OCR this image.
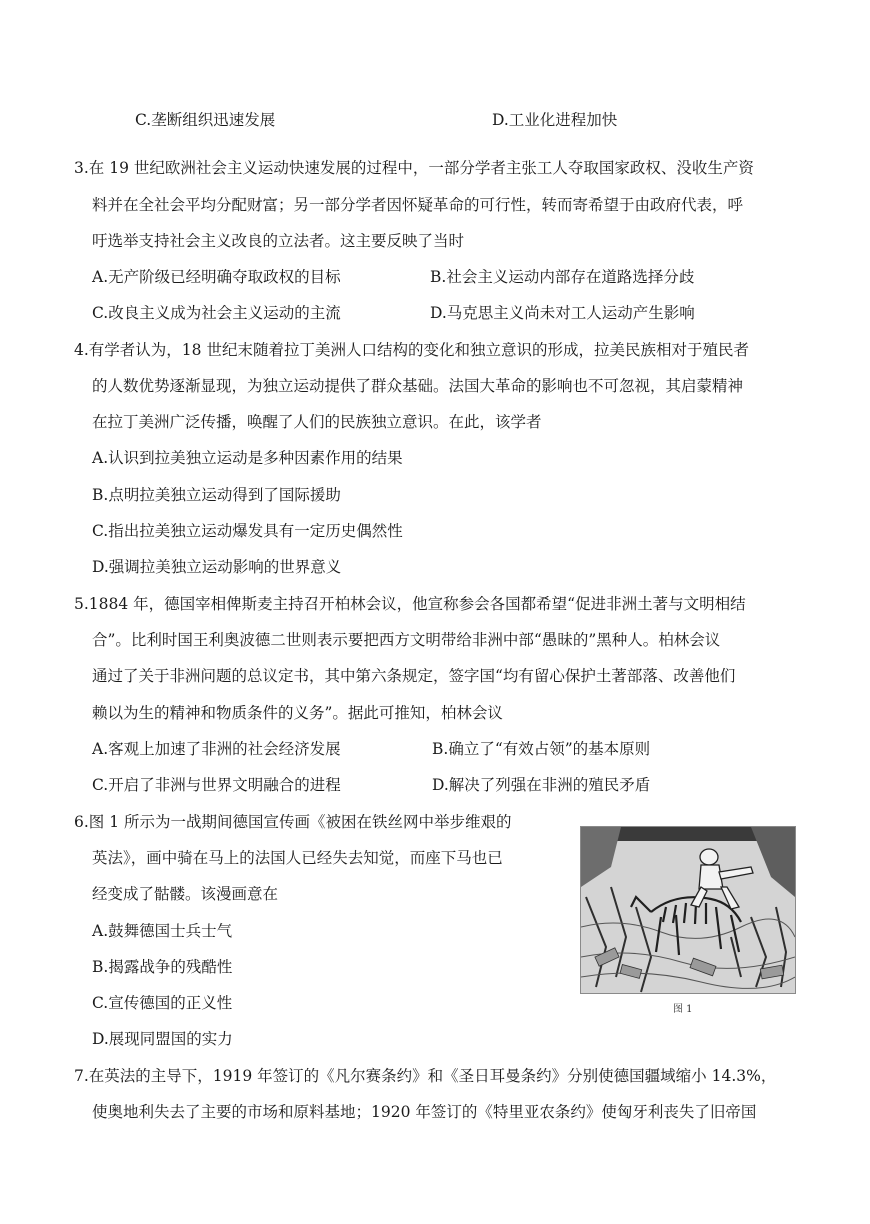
C.垄断组织迅速发展	D.工业化进程加快
3.在 19 世纪欧洲社会主义运动快速发展的过程中，一部分学者主张工人夺取国家政权、没收生产资
料并在全社会平均分配财富；另一部分学者因怀疑革命的可行性，转而寄希望于由政府代表，呼
吁选举支持社会主义改良的立法者。这主要反映了当时
A.无产阶级已经明确夺取政权的目标	B.社会主义运动内部存在道路选择分歧
C.改良主义成为社会主义运动的主流	D.马克思主义尚未对工人运动产生影响
4.有学者认为，18 世纪末随着拉丁美洲人口结构的变化和独立意识的形成，拉美民族相对于殖民者
的人数优势逐渐显现，为独立运动提供了群众基础。法国大革命的影响也不可忽视，其启蒙精神
在拉丁美洲广泛传播，唤醒了人们的民族独立意识。在此，该学者
A.认识到拉美独立运动是多种因素作用的结果
B.点明拉美独立运动得到了国际援助
C.指出拉美独立运动爆发具有一定历史偶然性
D.强调拉美独立运动影响的世界意义
5.1884 年，德国宰相俾斯麦主持召开柏林会议，他宣称参会各国都希望“促进非洲土著与文明相结
合”。比利时国王利奥波德二世则表示要把西方文明带给非洲中部“愚昧的”黑种人。柏林会议
通过了关于非洲问题的总议定书，其中第六条规定，签字国“均有留心保护土著部落、改善他们
赖以为生的精神和物质条件的义务”。据此可推知，柏林会议
A.客观上加速了非洲的社会经济发展	B.确立了“有效占领”的基本原则
C.开启了非洲与世界文明融合的进程	D.解决了列强在非洲的殖民矛盾
6.图 1 所示为一战期间德国宣传画《被困在铁丝网中举步维艰的
英法》，画中骑在马上的法国人已经失去知觉，而座下马也已
经变成了骷髅。该漫画意在
A.鼓舞德国士兵士气
B.揭露战争的残酷性
C.宣传德国的正义性
D.展现同盟国的实力
图 1
7.在英法的主导下，1919 年签订的《凡尔赛条约》和《圣日耳曼条约》分别使德国疆域缩小 14.3%，
使奥地利失去了主要的市场和原料基地；1920 年签订的《特里亚农条约》使匈牙利丧失了旧帝国
